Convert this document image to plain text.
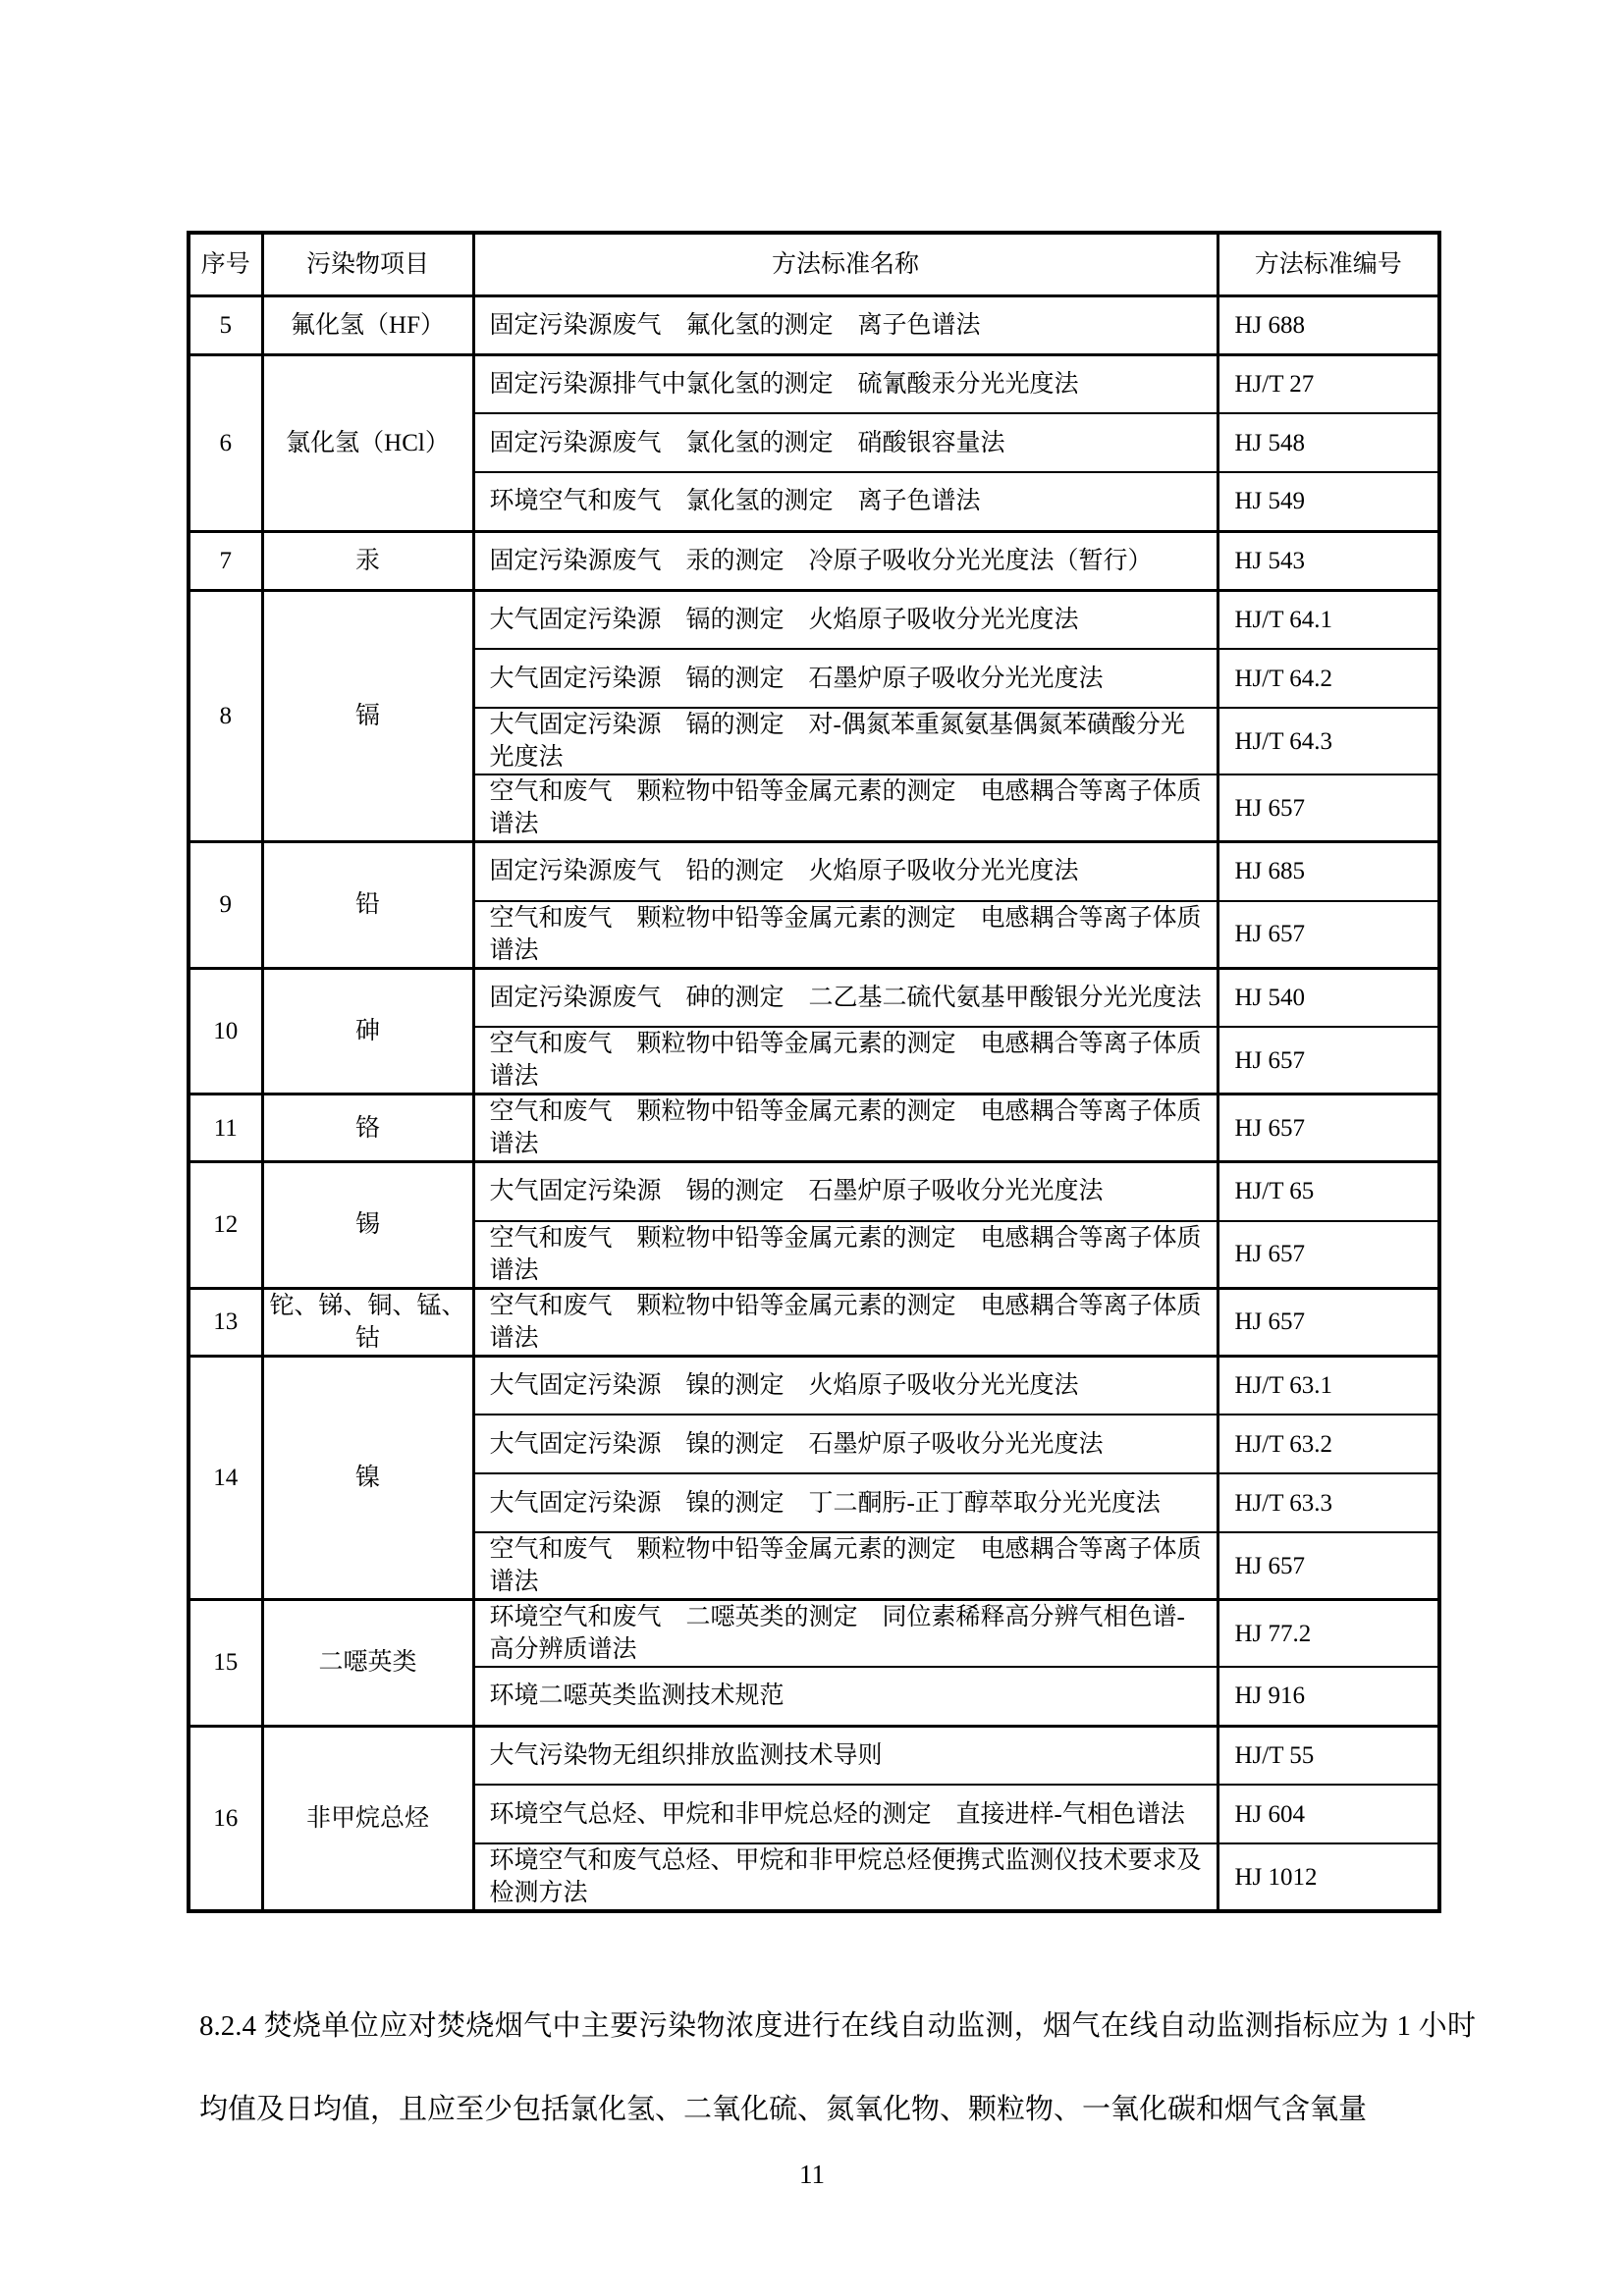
序号	污染物项目	方法标准名称	方法标准编号
5	氟化氢（HF）	固定污染源废气　氟化氢的测定　离子色谱法	HJ 688
6	氯化氢（HCl）	固定污染源排气中氯化氢的测定　硫氰酸汞分光光度法	HJ/T 27
		固定污染源废气　氯化氢的测定　硝酸银容量法	HJ 548
		环境空气和废气　氯化氢的测定　离子色谱法	HJ 549
7	汞	固定污染源废气　汞的测定　冷原子吸收分光光度法（暂行）	HJ 543
8	镉	大气固定污染源　镉的测定　火焰原子吸收分光光度法	HJ/T 64.1
		大气固定污染源　镉的测定　石墨炉原子吸收分光光度法	HJ/T 64.2
		大气固定污染源　镉的测定　对-偶氮苯重氮氨基偶氮苯磺酸分光光度法	HJ/T 64.3
		空气和废气　颗粒物中铅等金属元素的测定　电感耦合等离子体质谱法	HJ 657
9	铅	固定污染源废气　铅的测定　火焰原子吸收分光光度法	HJ 685
		空气和废气　颗粒物中铅等金属元素的测定　电感耦合等离子体质谱法	HJ 657
10	砷	固定污染源废气　砷的测定　二乙基二硫代氨基甲酸银分光光度法	HJ 540
		空气和废气　颗粒物中铅等金属元素的测定　电感耦合等离子体质谱法	HJ 657
11	铬	空气和废气　颗粒物中铅等金属元素的测定　电感耦合等离子体质谱法	HJ 657
12	锡	大气固定污染源　锡的测定　石墨炉原子吸收分光光度法	HJ/T 65
		空气和废气　颗粒物中铅等金属元素的测定　电感耦合等离子体质谱法	HJ 657
13	铊、锑、铜、锰、钴	空气和废气　颗粒物中铅等金属元素的测定　电感耦合等离子体质谱法	HJ 657
14	镍	大气固定污染源　镍的测定　火焰原子吸收分光光度法	HJ/T 63.1
		大气固定污染源　镍的测定　石墨炉原子吸收分光光度法	HJ/T 63.2
		大气固定污染源　镍的测定　丁二酮肟-正丁醇萃取分光光度法	HJ/T 63.3
		空气和废气　颗粒物中铅等金属元素的测定　电感耦合等离子体质谱法	HJ 657
15	二噁英类	环境空气和废气　二噁英类的测定　同位素稀释高分辨气相色谱-高分辨质谱法	HJ 77.2
		环境二噁英类监测技术规范	HJ 916
16	非甲烷总烃	大气污染物无组织排放监测技术导则	HJ/T 55
		环境空气总烃、甲烷和非甲烷总烃的测定　直接进样-气相色谱法	HJ 604
		环境空气和废气总烃、甲烷和非甲烷总烃便携式监测仪技术要求及检测方法	HJ 1012

8.2.4 焚烧单位应对焚烧烟气中主要污染物浓度进行在线自动监测，烟气在线自动监测指标应为 1 小时均值及日均值，且应至少包括氯化氢、二氧化硫、氮氧化物、颗粒物、一氧化碳和烟气含氧量

11
